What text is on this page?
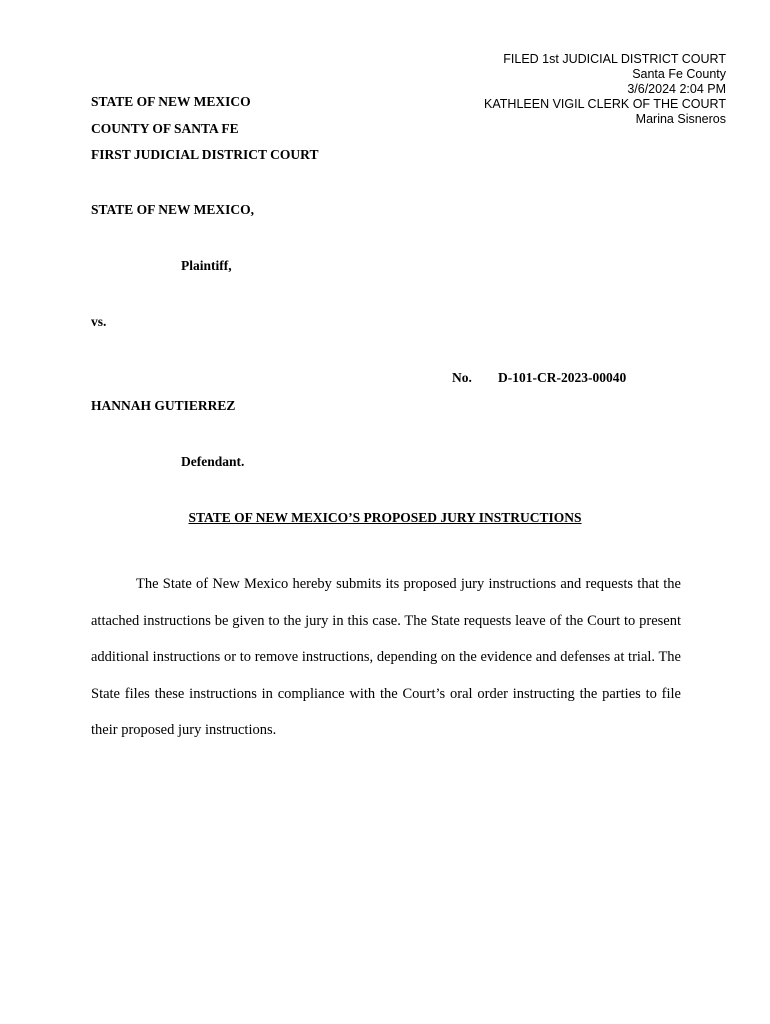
FILED 1st JUDICIAL DISTRICT COURT
Santa Fe County
3/6/2024 2:04 PM
KATHLEEN VIGIL CLERK OF THE COURT
Marina Sisneros
STATE OF NEW MEXICO
COUNTY OF SANTA FE
FIRST JUDICIAL DISTRICT COURT
STATE OF NEW MEXICO,
Plaintiff,
vs.
No. D-101-CR-2023-00040
HANNAH GUTIERREZ
Defendant.
STATE OF NEW MEXICO’S PROPOSED JURY INSTRUCTIONS
The State of New Mexico hereby submits its proposed jury instructions and requests that the attached instructions be given to the jury in this case. The State requests leave of the Court to present additional instructions or to remove instructions, depending on the evidence and defenses at trial. The State files these instructions in compliance with the Court’s oral order instructing the parties to file their proposed jury instructions.
